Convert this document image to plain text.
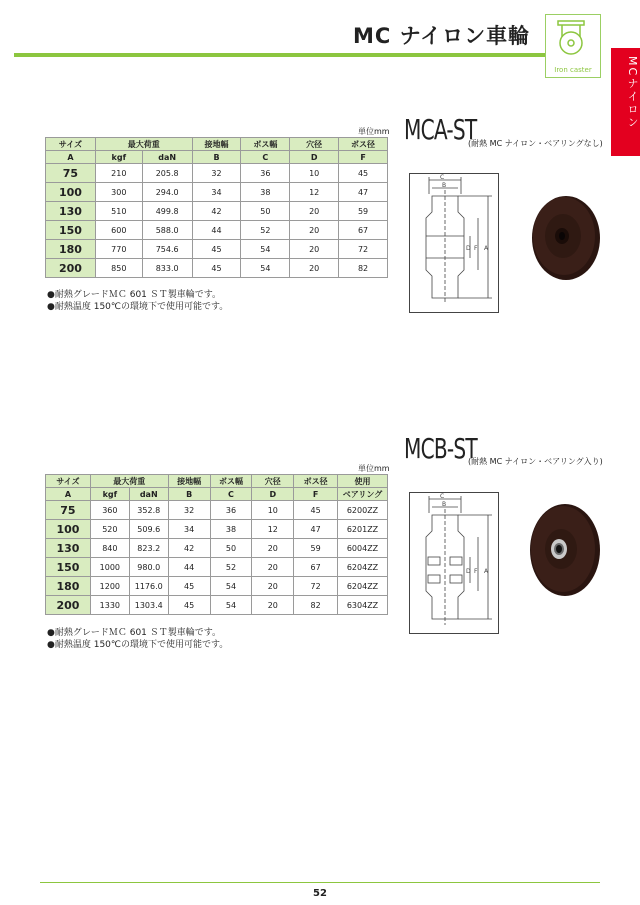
MC ナイロン車輪
Iron caster	MCナイロン
単位mm MCA-ST
(耐熱 MC ナイロン・ベアリングなし)
サイズ	最大荷重		接地幅	ボス幅	穴径	ボス径
A	kgf	daN	B	C	D	F
75	210	205.8	32	36	10	45
100	300	294.0	34	38	12	47
130	510	499.8	42	50	20	59
150	600	588.0	44	52	20	67
180	770	754.6	45	54	20	72
200	850	833.0	45	54	20	82
●耐熱グレードＭＣ 601 ＳＴ製車輪です。
●耐熱温度 150℃の環境下で使用可能です。
C
B
D F A
単位mm
MCB-ST
(耐熱 MC ナイロン・ベアリング入り)
サイズ	最大荷重		接地幅	ボス幅	穴径	ボス径	使用
A	kgf	daN	B	C	D	F	ベアリング
75	360	352.8	32	36	10	45	6200ZZ
100	520	509.6	34	38	12	47	6201ZZ
130	840	823.2	42	50	20	59	6004ZZ
150	1000	980.0	44	52	20	67	6204ZZ
180	1200	1176.0	45	54	20	72	6204ZZ
200	1330	1303.4	45	54	20	82	6304ZZ
●耐熱グレードＭＣ 601 ＳＴ製車輪です。
●耐熱温度 150℃の環境下で使用可能です。
C
B
D F A
52
